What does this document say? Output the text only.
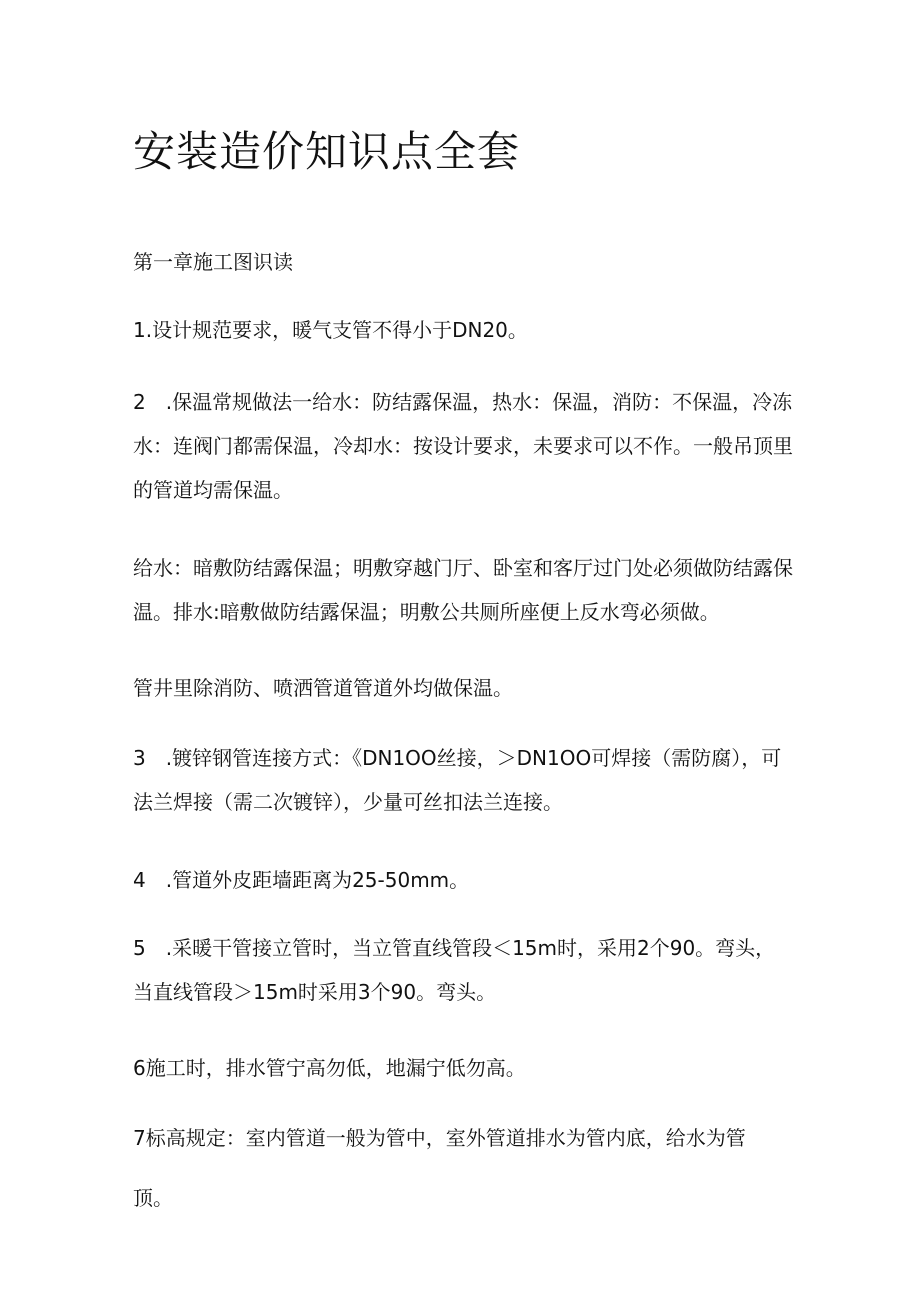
安装造价知识点全套

第一章施工图识读

1.设计规范要求，暖气支管不得小于DN20。

2　.保温常规做法一给水：防结露保温，热水：保温，消防：不保温，冷冻水：连阀门都需保温，冷却水：按设计要求，未要求可以不作。一般吊顶里的管道均需保温。

给水：暗敷防结露保温；明敷穿越门厅、卧室和客厅过门处必须做防结露保温。排水:暗敷做防结露保温；明敷公共厕所座便上反水弯必须做。

管井里除消防、喷洒管道管道外均做保温。

3　.镀锌钢管连接方式：《DN1OO丝接，＞DN1OO可焊接（需防腐），可法兰焊接（需二次镀锌），少量可丝扣法兰连接。

4　.管道外皮距墙距离为25-50mm。

5　.采暖干管接立管时，当立管直线管段＜15m时，采用2个90。弯头，当直线管段＞15m时采用3个90。弯头。

6施工时，排水管宁高勿低，地漏宁低勿高。

7标高规定：室内管道一般为管中，室外管道排水为管内底，给水为管

顶。
